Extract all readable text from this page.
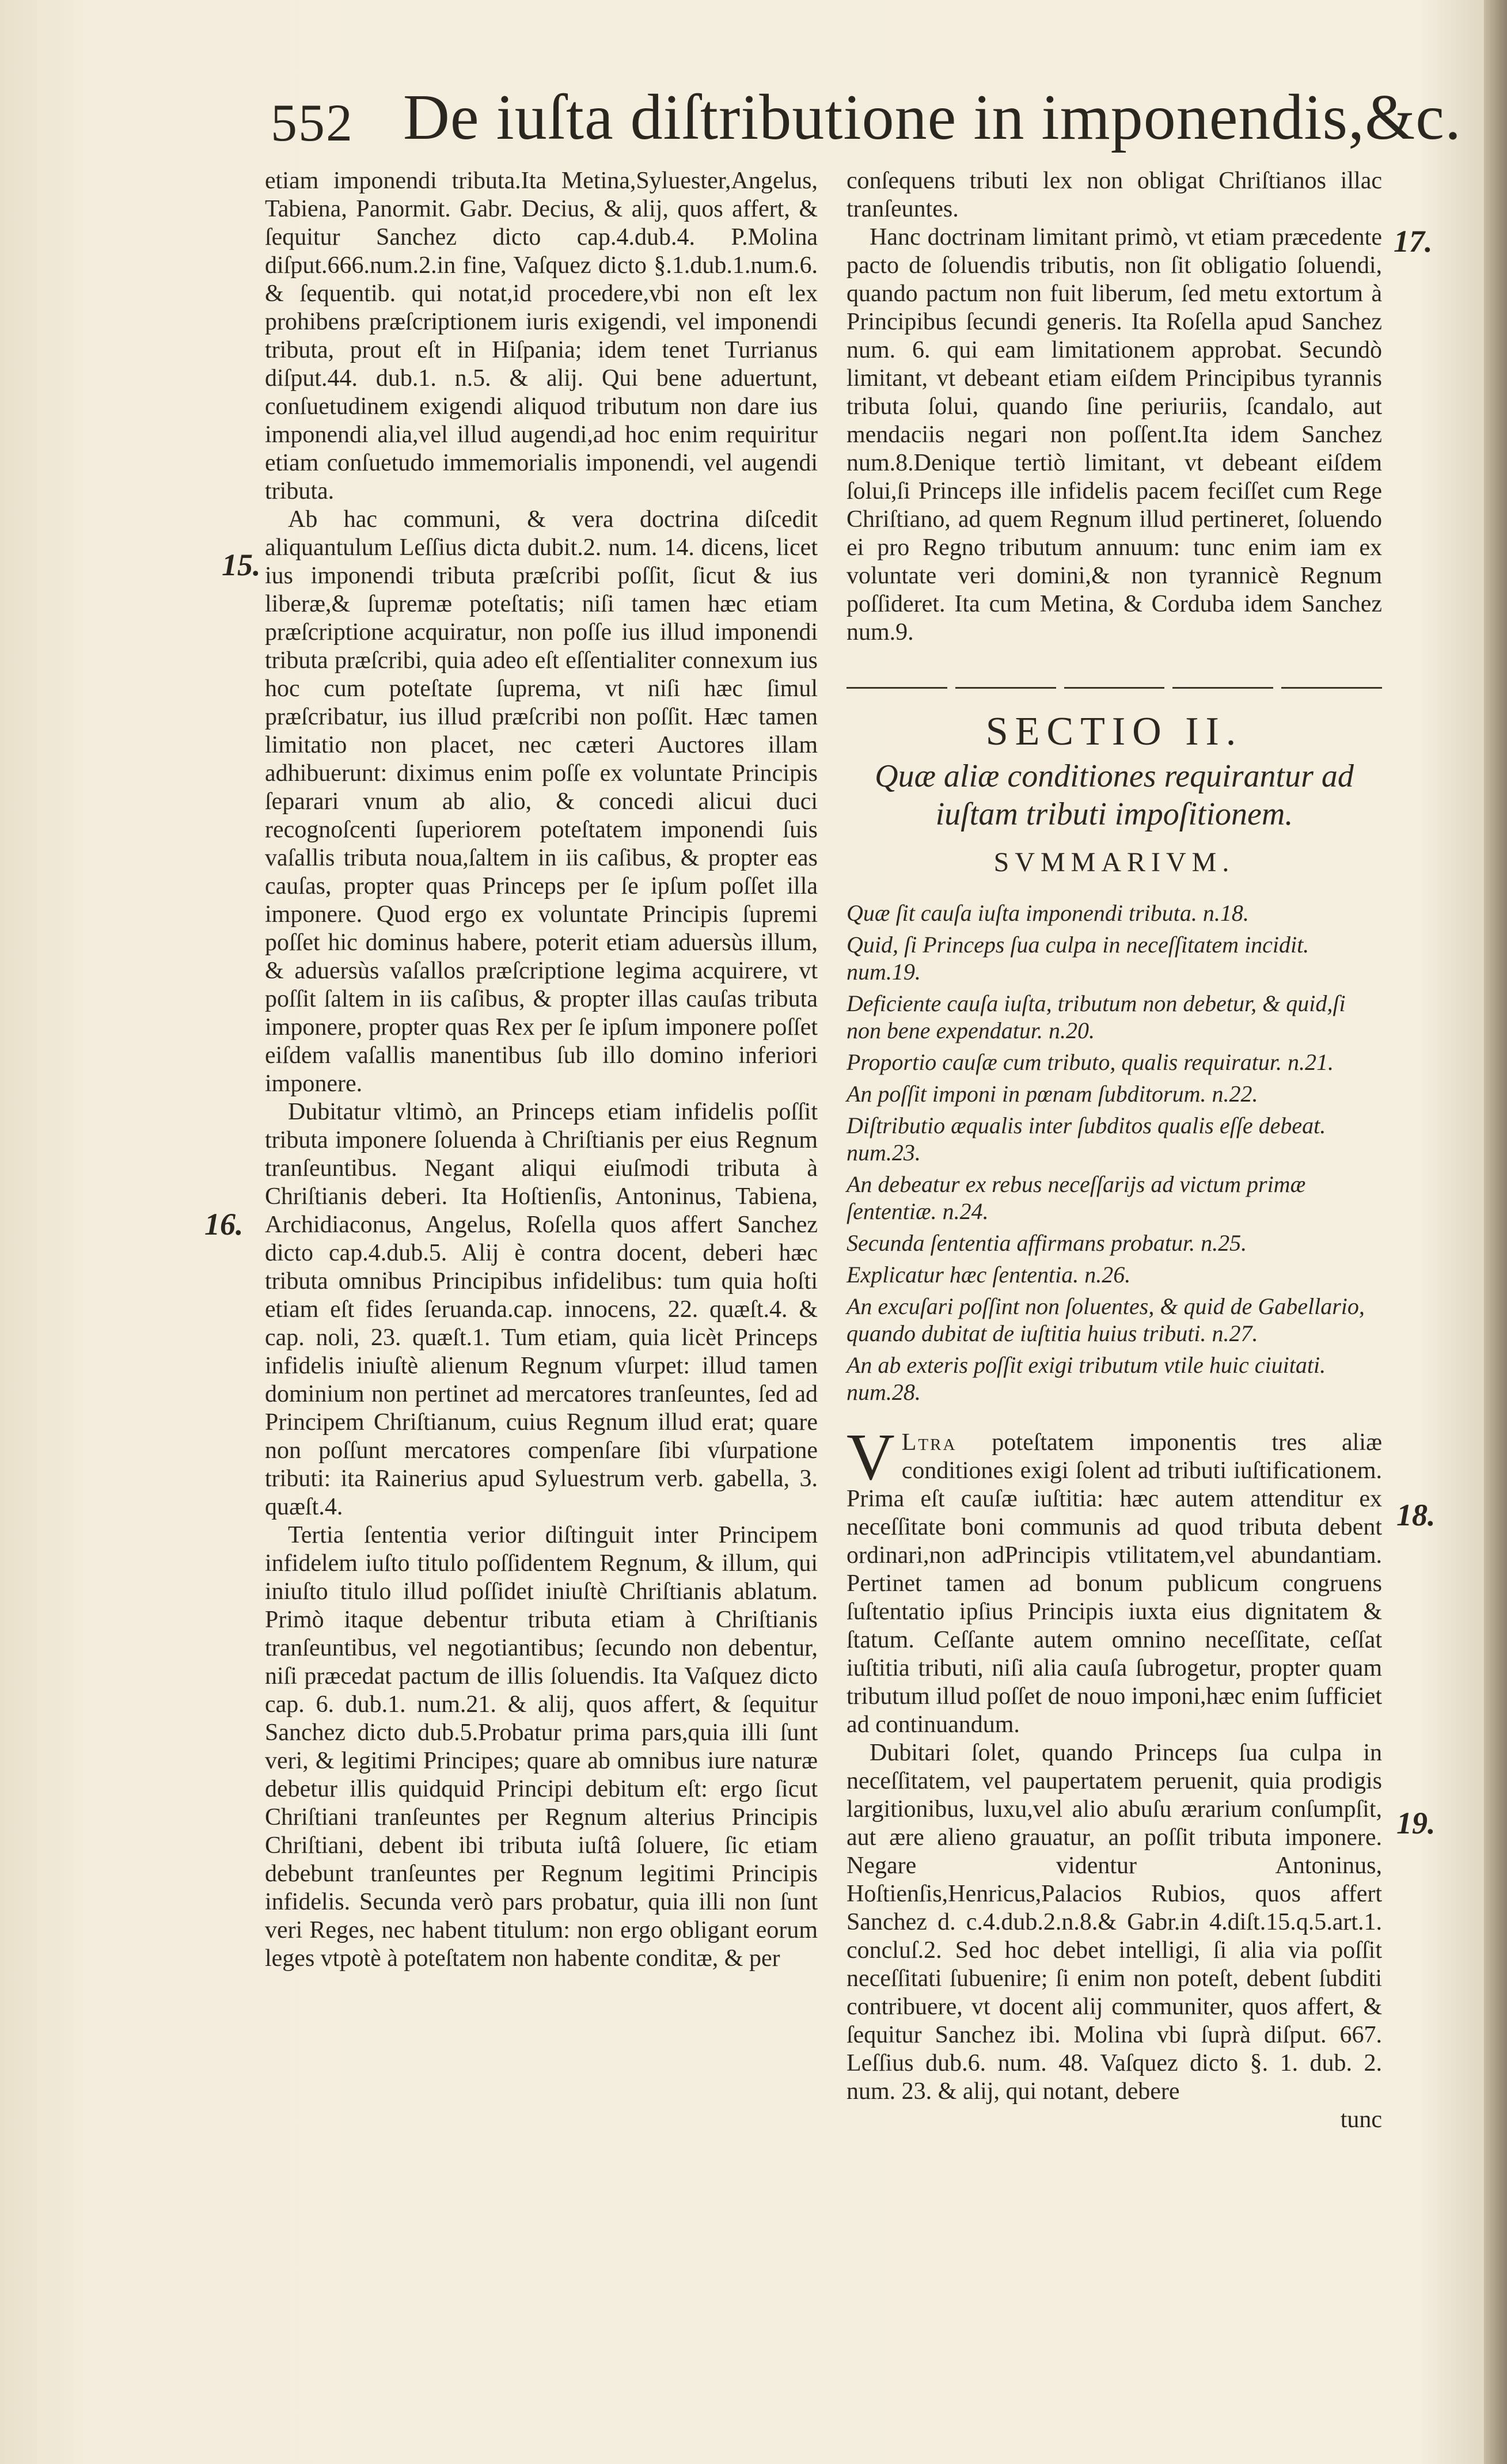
552 De iuſta diſtributione in imponendis,&c.
15.
16.
17.
18.
19.

etiam imponendi tributa.Ita Metina,Syluester,Angelus, Tabiena, Panormit. Gabr. Decius, & alij, quos affert, & ſequitur Sanchez dicto cap.4.dub.4. P.Molina diſput.666.num.2.in fine, Vaſquez dicto §.1.dub.1.num.6. & ſequentib. qui notat,id procedere,vbi non eſt lex prohibens præſcriptionem iuris exigendi, vel imponendi tributa, prout eſt in Hiſpania; idem tenet Turrianus diſput.44. dub.1. n.5. & alij. Qui bene aduertunt, conſuetudinem exigendi aliquod tributum non dare ius imponendi alia,vel illud augendi,ad hoc enim requiritur etiam conſuetudo immemorialis imponendi, vel augendi tributa.

Ab hac communi, & vera doctrina diſcedit aliquantulum Leſſius dicta dubit.2. num. 14. dicens, licet ius imponendi tributa præſcribi poſſit, ſicut & ius liberæ,& ſupremæ poteſtatis; niſi tamen hæc etiam præſcriptione acquiratur, non poſſe ius illud imponendi tributa præſcribi, quia adeo eſt eſſentialiter connexum ius hoc cum poteſtate ſuprema, vt niſi hæc ſimul præſcribatur, ius illud præſcribi non poſſit. Hæc tamen limitatio non placet, nec cæteri Auctores illam adhibuerunt: diximus enim poſſe ex voluntate Principis ſeparari vnum ab alio, & concedi alicui duci recognoſcenti ſuperiorem poteſtatem imponendi ſuis vaſallis tributa noua,ſaltem in iis caſibus, & propter eas cauſas, propter quas Princeps per ſe ipſum poſſet illa imponere. Quod ergo ex voluntate Principis ſupremi poſſet hic dominus habere, poterit etiam aduersùs illum, & aduersùs vaſallos præſcriptione legima acquirere, vt poſſit ſaltem in iis caſibus, & propter illas cauſas tributa imponere, propter quas Rex per ſe ipſum imponere poſſet eiſdem vaſallis manentibus ſub illo domino inferiori imponere.

Dubitatur vltimò, an Princeps etiam infidelis poſſit tributa imponere ſoluenda à Chriſtianis per eius Regnum tranſeuntibus. Negant aliqui eiuſmodi tributa à Chriſtianis deberi. Ita Hoſtienſis, Antoninus, Tabiena, Archidiaconus, Angelus, Roſella quos affert Sanchez dicto cap.4.dub.5. Alij è contra docent, deberi hæc tributa omnibus Principibus infidelibus: tum quia hoſti etiam eſt fides ſeruanda.cap. innocens, 22. quæſt.4. & cap. noli, 23. quæſt.1. Tum etiam, quia licèt Princeps infidelis iniuſtè alienum Regnum vſurpet: illud tamen dominium non pertinet ad mercatores tranſeuntes, ſed ad Principem Chriſtianum, cuius Regnum illud erat; quare non poſſunt mercatores compenſare ſibi vſurpatione tributi: ita Rainerius apud Syluestrum verb. gabella, 3. quæſt.4.

Tertia ſententia verior diſtinguit inter Principem infidelem iuſto titulo poſſidentem Regnum, & illum, qui iniuſto titulo illud poſſidet iniuſtè Chriſtianis ablatum. Primò itaque debentur tributa etiam à Chriſtianis tranſeuntibus, vel negotiantibus; ſecundo non debentur, niſi præcedat pactum de illis ſoluendis. Ita Vaſquez dicto cap. 6. dub.1. num.21. & alij, quos affert, & ſequitur Sanchez dicto dub.5.Probatur prima pars,quia illi ſunt veri, & legitimi Principes; quare ab omnibus iure naturæ debetur illis quidquid Principi debitum eſt: ergo ſicut Chriſtiani tranſeuntes per Regnum alterius Principis Chriſtiani, debent ibi tributa iuſtâ ſoluere, ſic etiam debebunt tranſeuntes per Regnum legitimi Principis infidelis. Secunda verò pars probatur, quia illi non ſunt veri Reges, nec habent titulum: non ergo obligant eorum leges vtpotè à poteſtatem non habente conditæ, & per

conſequens tributi lex non obligat Chriſtianos illac tranſeuntes.

Hanc doctrinam limitant primò, vt etiam præcedente pacto de ſoluendis tributis, non ſit obligatio ſoluendi, quando pactum non fuit liberum, ſed metu extortum à Principibus ſecundi generis. Ita Roſella apud Sanchez num. 6. qui eam limitationem approbat. Secundò limitant, vt debeant etiam eiſdem Principibus tyrannis tributa ſolui, quando ſine periuriis, ſcandalo, aut mendaciis negari non poſſent.Ita idem Sanchez num.8.Denique tertiò limitant, vt debeant eiſdem ſolui,ſi Princeps ille infidelis pacem feciſſet cum Rege Chriſtiano, ad quem Regnum illud pertineret, ſoluendo ei pro Regno tributum annuum: tunc enim iam ex voluntate veri domini,& non tyrannicè Regnum poſſideret. Ita cum Metina, & Corduba idem Sanchez num.9.

SECTIO II.
Quæ aliæ conditiones requirantur ad iuſtam tributi impoſitionem.
SVMMARIVM.
Quæ ſit cauſa iuſta imponendi tributa. n.18.
Quid, ſi Princeps ſua culpa in neceſſitatem incidit. num.19.
Deficiente cauſa iuſta, tributum non debetur, & quid,ſi non bene expendatur. n.20.
Proportio cauſæ cum tributo, qualis requiratur. n.21.
An poſſit imponi in pœnam ſubditorum. n.22.
Diſtributio æqualis inter ſubditos qualis eſſe debeat. num.23.
An debeatur ex rebus neceſſarijs ad victum primæ ſententiæ. n.24.
Secunda ſententia affirmans probatur. n.25.
Explicatur hæc ſententia. n.26.
An excuſari poſſint non ſoluentes, & quid de Gabellario, quando dubitat de iuſtitia huius tributi. n.27.
An ab exteris poſſit exigi tributum vtile huic ciuitati. num.28.

V Ltra poteſtatem imponentis tres aliæ conditiones exigi ſolent ad tributi iuſtificationem. Prima eſt cauſæ iuſtitia: hæc autem attenditur ex neceſſitate boni communis ad quod tributa debent ordinari,non adPrincipis vtilitatem,vel abundantiam. Pertinet tamen ad bonum publicum congruens ſuſtentatio ipſius Principis iuxta eius dignitatem & ſtatum. Ceſſante autem omnino neceſſitate, ceſſat iuſtitia tributi, niſi alia cauſa ſubrogetur, propter quam tributum illud poſſet de nouo imponi,hæc enim ſufficiet ad continuandum.

Dubitari ſolet, quando Princeps ſua culpa in neceſſitatem, vel paupertatem peruenit, quia prodigis largitionibus, luxu,vel alio abuſu ærarium conſumpſit, aut ære alieno grauatur, an poſſit tributa imponere. Negare videntur Antoninus, Hoſtienſis,Henricus,Palacios Rubios, quos affert Sanchez d. c.4.dub.2.n.8.& Gabr.in 4.diſt.15.q.5.art.1. concluſ.2. Sed hoc debet intelligi, ſi alia via poſſit neceſſitati ſubuenire; ſi enim non poteſt, debent ſubditi contribuere, vt docent alij communiter, quos affert, & ſequitur Sanchez ibi. Molina vbi ſuprà diſput. 667. Leſſius dub.6. num. 48. Vaſquez dicto §. 1. dub. 2. num. 23. & alij, qui notant, debere

tunc
